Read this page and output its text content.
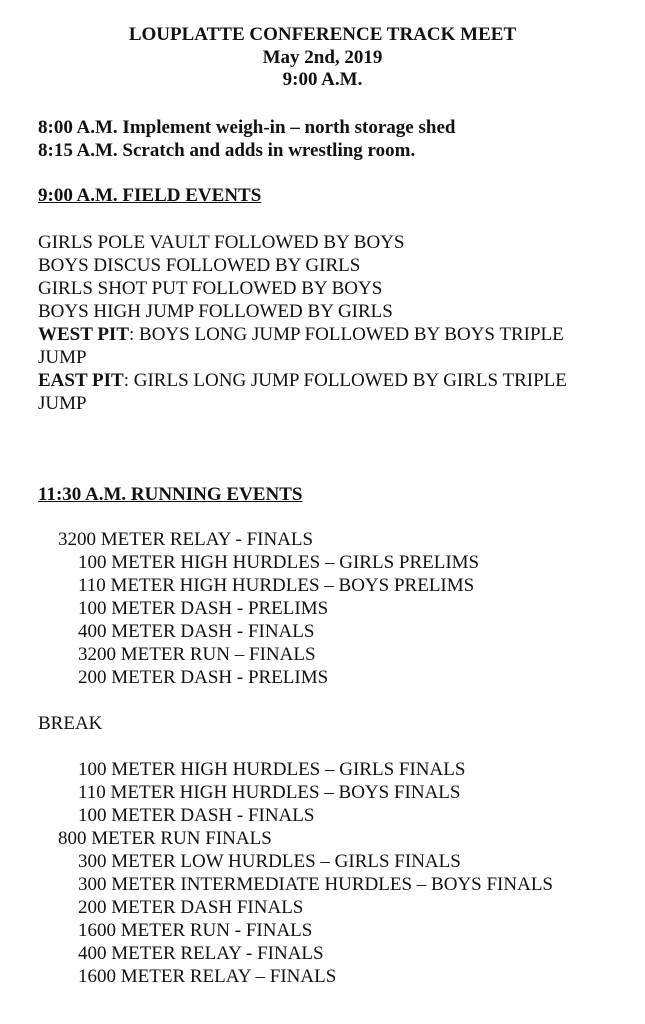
LOUPLATTE CONFERENCE TRACK MEET
May 2nd, 2019
9:00 A.M.
8:00 A.M. Implement weigh-in – north storage shed
8:15 A.M. Scratch and adds in wrestling room.
9:00 A.M. FIELD EVENTS
GIRLS POLE VAULT FOLLOWED BY BOYS
BOYS DISCUS FOLLOWED BY GIRLS
GIRLS SHOT PUT FOLLOWED BY BOYS
BOYS HIGH JUMP FOLLOWED BY GIRLS
WEST PIT: BOYS LONG JUMP FOLLOWED BY BOYS TRIPLE JUMP
EAST PIT: GIRLS LONG JUMP FOLLOWED BY GIRLS TRIPLE JUMP
11:30 A.M. RUNNING EVENTS
3200 METER RELAY - FINALS
100 METER HIGH HURDLES – GIRLS PRELIMS
110 METER HIGH HURDLES – BOYS PRELIMS
100 METER DASH - PRELIMS
400 METER DASH - FINALS
3200 METER RUN – FINALS
200 METER DASH - PRELIMS
BREAK
100 METER HIGH HURDLES – GIRLS FINALS
110 METER HIGH HURDLES – BOYS FINALS
100 METER DASH - FINALS
800 METER RUN FINALS
300 METER LOW HURDLES – GIRLS FINALS
300 METER INTERMEDIATE HURDLES – BOYS FINALS
200 METER DASH FINALS
1600 METER RUN - FINALS
400 METER RELAY - FINALS
1600 METER RELAY – FINALS
